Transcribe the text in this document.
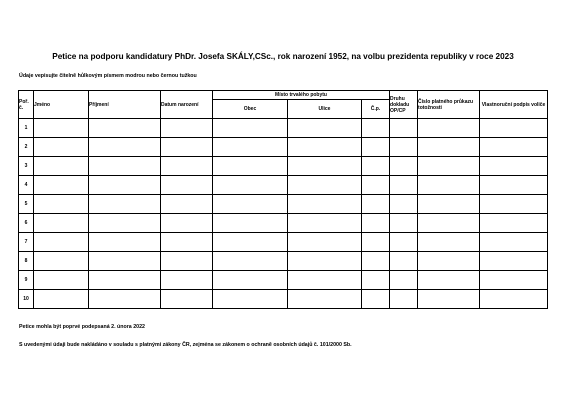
Petice na podporu kandidatury PhDr. Josefa SKÁLY,CSc., rok narození 1952, na volbu prezidenta republiky v roce 2023
Údaje vepisujte čitelně hůlkovým písmem modrou nebo černou tužkou
Poř. č.	Jméno	Příjmení	Datum narození	Místo trvalého pobytu			Druhu dokladu OP/CP	Číslo platného průkazu totožnosti	Vlastnoruční podpis voliče
				Obec	Ulice	Č.p.			
1									
2									
3									
4									
5									
6									
7									
8									
9									
10									
Petice mohla být poprvé podepsaná 2. února 2022
S uvedenými údaji bude nakládáno v souladu s platnými zákony ČR, zejména se zákonem o ochraně osobních údajů č. 101/2000 Sb.
